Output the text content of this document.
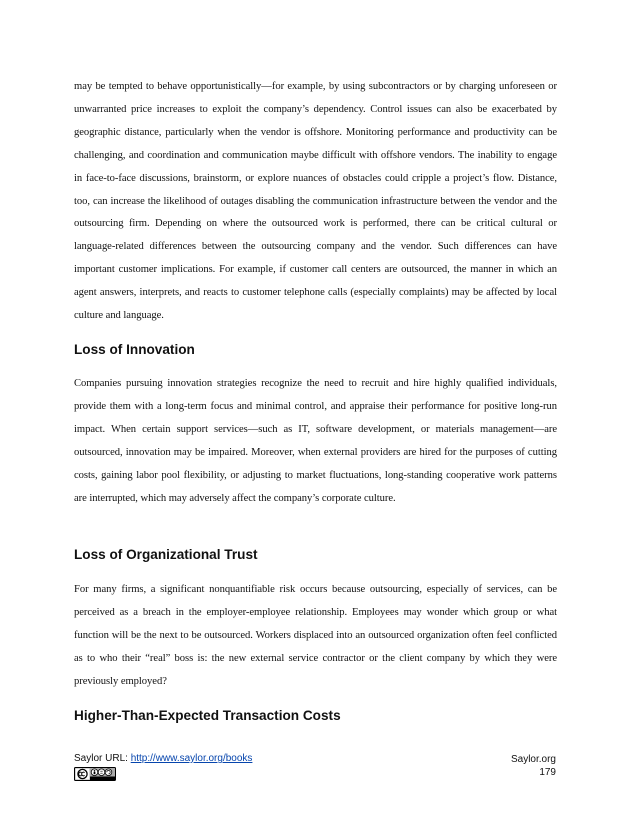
may be tempted to behave opportunistically—for example, by using subcontractors or by charging unforeseen or unwarranted price increases to exploit the company’s dependency. Control issues can also be exacerbated by geographic distance, particularly when the vendor is offshore. Monitoring performance and productivity can be challenging, and coordination and communication maybe difficult with offshore vendors. The inability to engage in face-to-face discussions, brainstorm, or explore nuances of obstacles could cripple a project’s flow. Distance, too, can increase the likelihood of outages disabling the communication infrastructure between the vendor and the outsourcing firm. Depending on where the outsourced work is performed, there can be critical cultural or language-related differences between the outsourcing company and the vendor. Such differences can have important customer implications. For example, if customer call centers are outsourced, the manner in which an agent answers, interprets, and reacts to customer telephone calls (especially complaints) may be affected by local culture and language.

Loss of Innovation

Companies pursuing innovation strategies recognize the need to recruit and hire highly qualified individuals, provide them with a long-term focus and minimal control, and appraise their performance for positive long-run impact. When certain support services—such as IT, software development, or materials management—are outsourced, innovation may be impaired. Moreover, when external providers are hired for the purposes of cutting costs, gaining labor pool flexibility, or adjusting to market fluctuations, long-standing cooperative work patterns are interrupted, which may adversely affect the company’s corporate culture.

Loss of Organizational Trust

For many firms, a significant nonquantifiable risk occurs because outsourcing, especially of services, can be perceived as a breach in the employer-employee relationship. Employees may wonder which group or what function will be the next to be outsourced. Workers displaced into an outsourced organization often feel conflicted as to who their “real” boss is: the new external service contractor or the client company by which they were previously employed?

Higher-Than-Expected Transaction Costs
Saylor URL: http://www.saylor.org/books	Saylor.org
179
